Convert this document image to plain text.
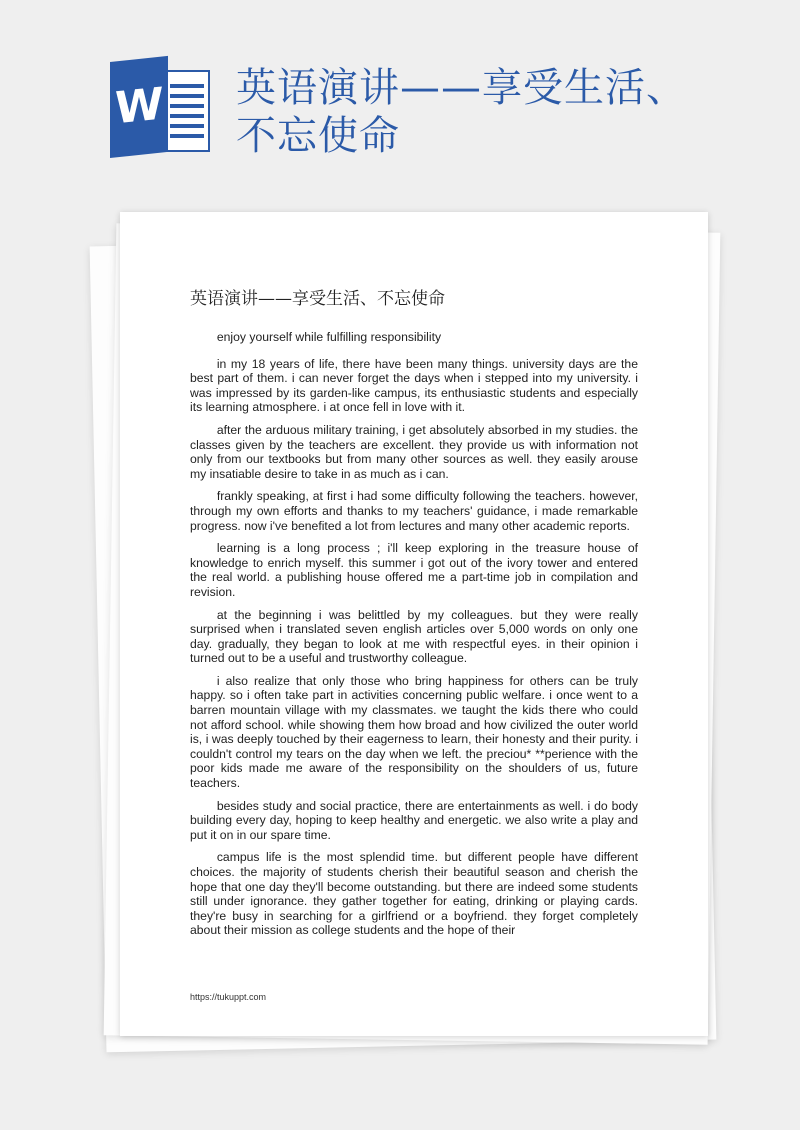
W 英语演讲——享受生活、不忘使命
英语演讲——享受生活、不忘使命

enjoy yourself while fulfilling responsibility

in my 18 years of life, there have been many things. university days are the best part of them. i can never forget the days when i stepped into my university. i was impressed by its garden-like campus, its enthusiastic students and especially its learning atmosphere. i at once fell in love with it.

after the arduous military training, i get absolutely absorbed in my studies. the classes given by the teachers are excellent. they provide us with information not only from our textbooks but from many other sources as well. they easily arouse my insatiable desire to take in as much as i can.

frankly speaking, at first i had some difficulty following the teachers. however, through my own efforts and thanks to my teachers' guidance, i made remarkable progress. now i've benefited a lot from lectures and many other academic reports.

learning is a long process ; i'll keep exploring in the treasure house of knowledge to enrich myself. this summer i got out of the ivory tower and entered the real world. a publishing house offered me a part-time job in compilation and revision.

at the beginning i was belittled by my colleagues. but they were really surprised when i translated seven english articles over 5,000 words on only one day. gradually, they began to look at me with respectful eyes. in their opinion i turned out to be a useful and trustworthy colleague.

i also realize that only those who bring happiness for others can be truly happy. so i often take part in activities concerning public welfare. i once went to a barren mountain village with my classmates. we taught the kids there who could not afford school. while showing them how broad and how civilized the outer world is, i was deeply touched by their eagerness to learn, their honesty and their purity. i couldn't control my tears on the day when we left. the preciou* **perience with the poor kids made me aware of the responsibility on the shoulders of us, future teachers.

besides study and social practice, there are entertainments as well. i do body building every day, hoping to keep healthy and energetic. we also write a play and put it on in our spare time.

campus life is the most splendid time. but different people have different choices. the majority of students cherish their beautiful season and cherish the hope that one day they'll become outstanding. but there are indeed some students still under ignorance. they gather together for eating, drinking or playing cards. they're busy in searching for a girlfriend or a boyfriend. they forget completely about their mission as college students and the hope of their

https://tukuppt.com
